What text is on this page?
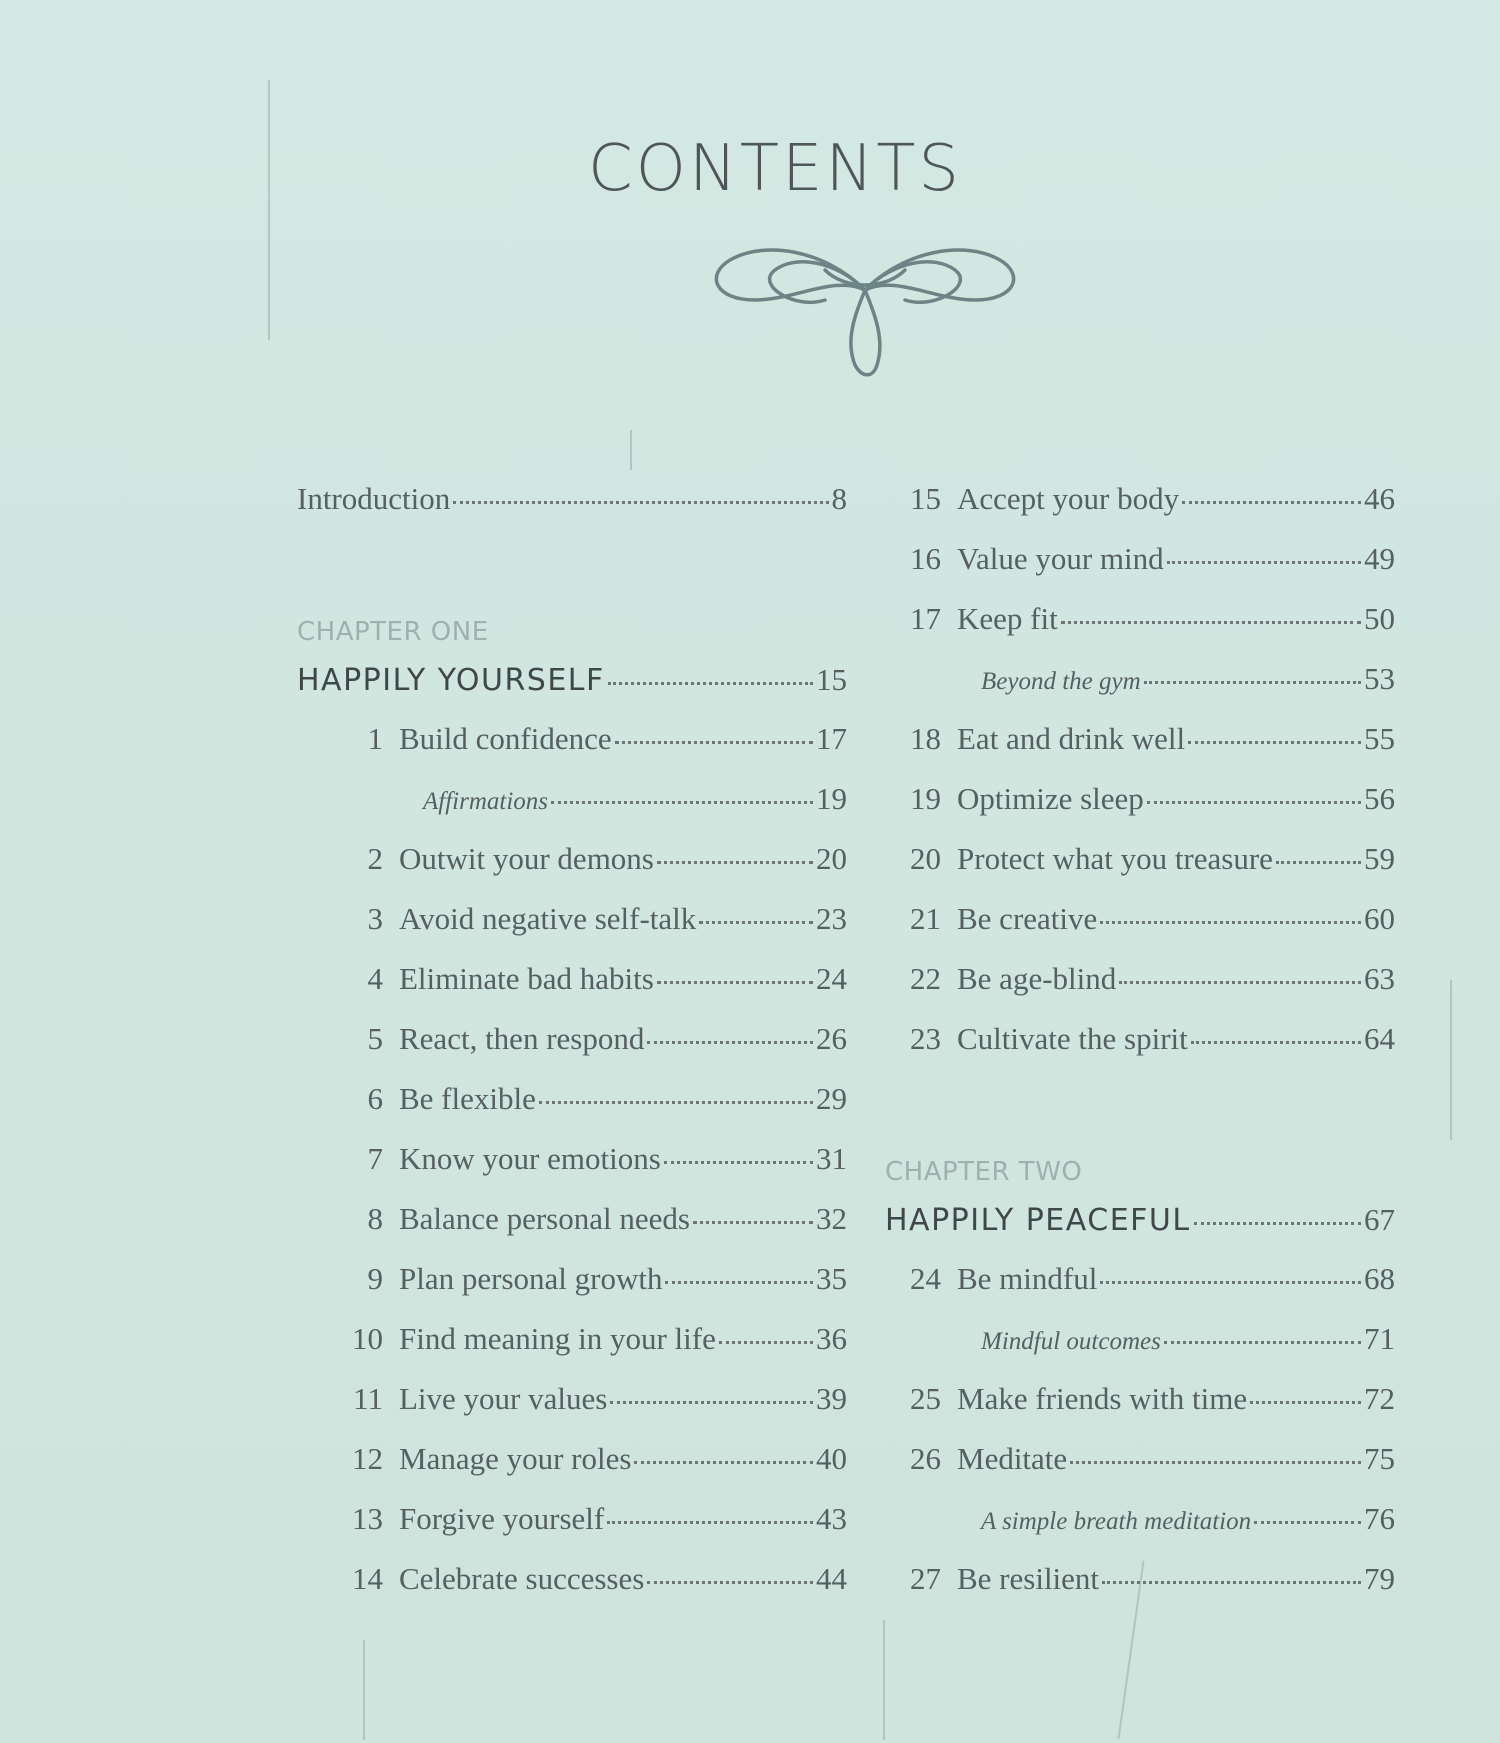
CONTENTS
Introduction	8
CHAPTER ONE
HAPPILY YOURSELF	15
1 Build confidence	17
Affirmations	19
2 Outwit your demons	20
3 Avoid negative self-talk	23
4 Eliminate bad habits	24
5 React, then respond	26
6 Be flexible	29
7 Know your emotions	31
8 Balance personal needs	32
9 Plan personal growth	35
10 Find meaning in your life	36
11 Live your values	39
12 Manage your roles	40
13 Forgive yourself	43
14 Celebrate successes	44
15 Accept your body	46
16 Value your mind	49
17 Keep fit	50
Beyond the gym	53
18 Eat and drink well	55
19 Optimize sleep	56
20 Protect what you treasure	59
21 Be creative	60
22 Be age-blind	63
23 Cultivate the spirit	64
CHAPTER TWO
HAPPILY PEACEFUL	67
24 Be mindful	68
Mindful outcomes	71
25 Make friends with time	72
26 Meditate	75
A simple breath meditation	76
27 Be resilient	79
